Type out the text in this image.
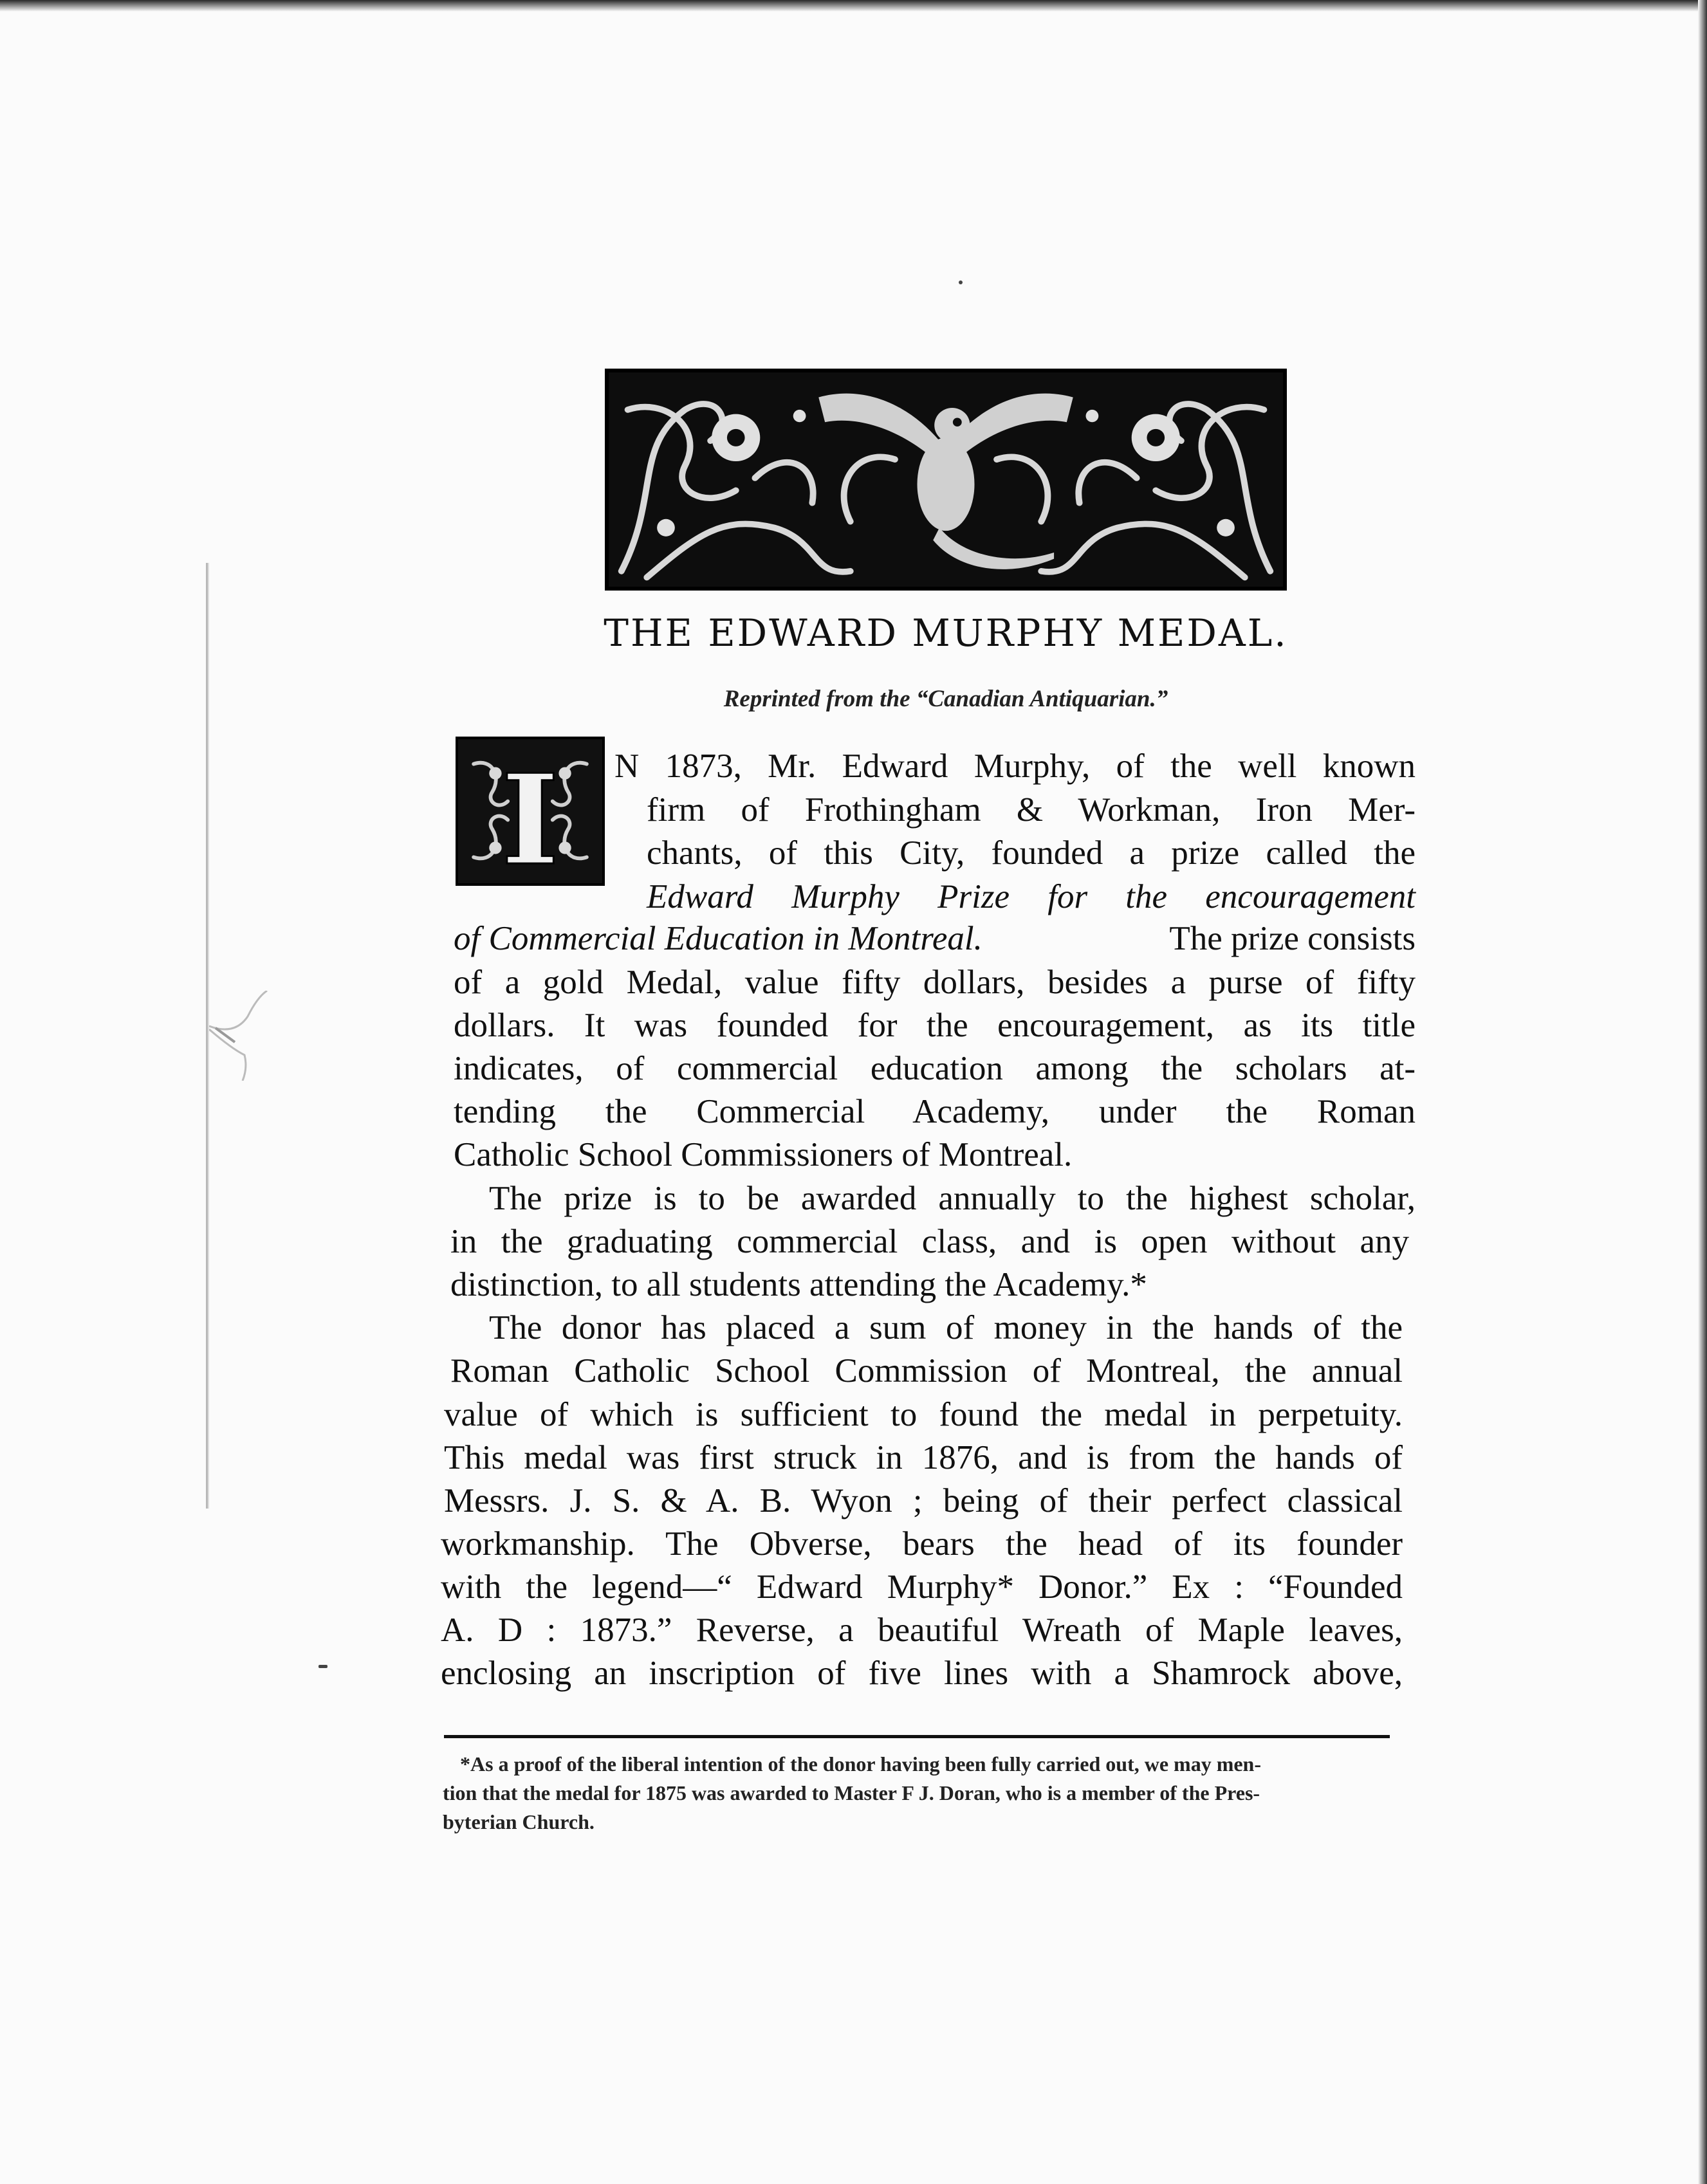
THE EDWARD MURPHY MEDAL.
Reprinted from the “Canadian Antiquarian.”
I N 1873, Mr. Edward Murphy, of the well known
firm of Frothingham & Workman, Iron Mer-
chants, of this City, founded a prize called the
Edward Murphy Prize for the encouragement
of Commercial Education in Montreal.	The prize consists
of a gold Medal, value fifty dollars, besides a purse of fifty
dollars. It was founded for the encouragement, as its title
indicates, of commercial education among the scholars at-
tending the Commercial Academy, under the Roman
Catholic School Commissioners of Montreal.
The prize is to be awarded annually to the highest scholar,
in the graduating commercial class, and is open without any
distinction, to all students attending the Academy.*
The donor has placed a sum of money in the hands of the
Roman Catholic School Commission of Montreal, the annual
value of which is sufficient to found the medal in perpetuity.
This medal was first struck in 1876, and is from the hands of
Messrs. J. S. & A. B. Wyon ; being of their perfect classical
workmanship. The Obverse, bears the head of its founder
with the legend—“ Edward Murphy* Donor.” Ex : “Founded
A. D : 1873.” Reverse, a beautiful Wreath of Maple leaves,
enclosing an inscription of five lines with a Shamrock above,
*As a proof of the liberal intention of the donor having been fully carried out, we may men-
tion that the medal for 1875 was awarded to Master F J. Doran, who is a member of the Pres-
byterian Church.
